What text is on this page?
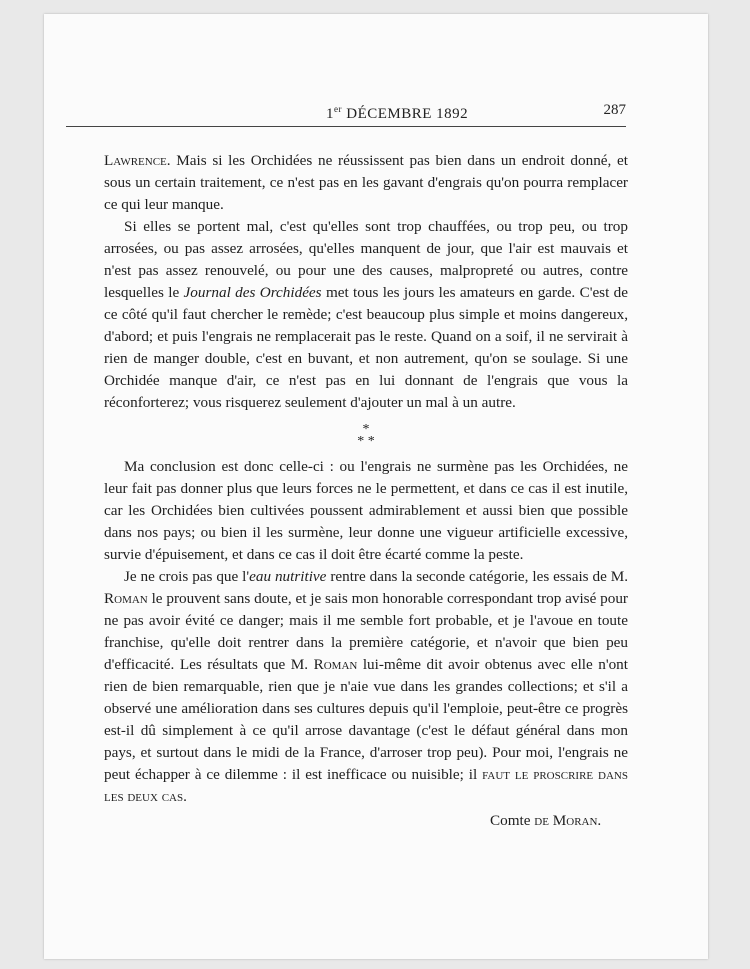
1er DÉCEMBRE 1892	287

Lawrence. Mais si les Orchidées ne réussissent pas bien dans un endroit donné, et sous un certain traitement, ce n'est pas en les gavant d'engrais qu'on pourra remplacer ce qui leur manque.

Si elles se portent mal, c'est qu'elles sont trop chauffées, ou trop peu, ou trop arrosées, ou pas assez arrosées, qu'elles manquent de jour, que l'air est mauvais et n'est pas assez renouvelé, ou pour une des causes, malpropreté ou autres, contre lesquelles le Journal des Orchidées met tous les jours les amateurs en garde. C'est de ce côté qu'il faut chercher le remède; c'est beaucoup plus simple et moins dangereux, d'abord; et puis l'engrais ne remplacerait pas le reste. Quand on a soif, il ne servirait à rien de manger double, c'est en buvant, et non autrement, qu'on se soulage. Si une Orchidée manque d'air, ce n'est pas en lui donnant de l'engrais que vous la réconforterez; vous risquerez seulement d'ajouter un mal à un autre.

*
* *

Ma conclusion est donc celle-ci : ou l'engrais ne surmène pas les Orchidées, ne leur fait pas donner plus que leurs forces ne le permettent, et dans ce cas il est inutile, car les Orchidées bien cultivées poussent admirablement et aussi bien que possible dans nos pays; ou bien il les surmène, leur donne une vigueur artificielle excessive, survie d'épuisement, et dans ce cas il doit être écarté comme la peste.

Je ne crois pas que l'eau nutritive rentre dans la seconde catégorie, les essais de M. Roman le prouvent sans doute, et je sais mon honorable correspondant trop avisé pour ne pas avoir évité ce danger; mais il me semble fort probable, et je l'avoue en toute franchise, qu'elle doit rentrer dans la première catégorie, et n'avoir que bien peu d'efficacité. Les résultats que M. Roman lui-même dit avoir obtenus avec elle n'ont rien de bien remarquable, rien que je n'aie vue dans les grandes collections; et s'il a observé une amélioration dans ses cultures depuis qu'il l'emploie, peut-être ce progrès est-il dû simplement à ce qu'il arrose davantage (c'est le défaut général dans mon pays, et surtout dans le midi de la France, d'arroser trop peu). Pour moi, l'engrais ne peut échapper à ce dilemme : il est inefficace ou nuisible; il faut le proscrire dans les deux cas.

Comte de Moran.
